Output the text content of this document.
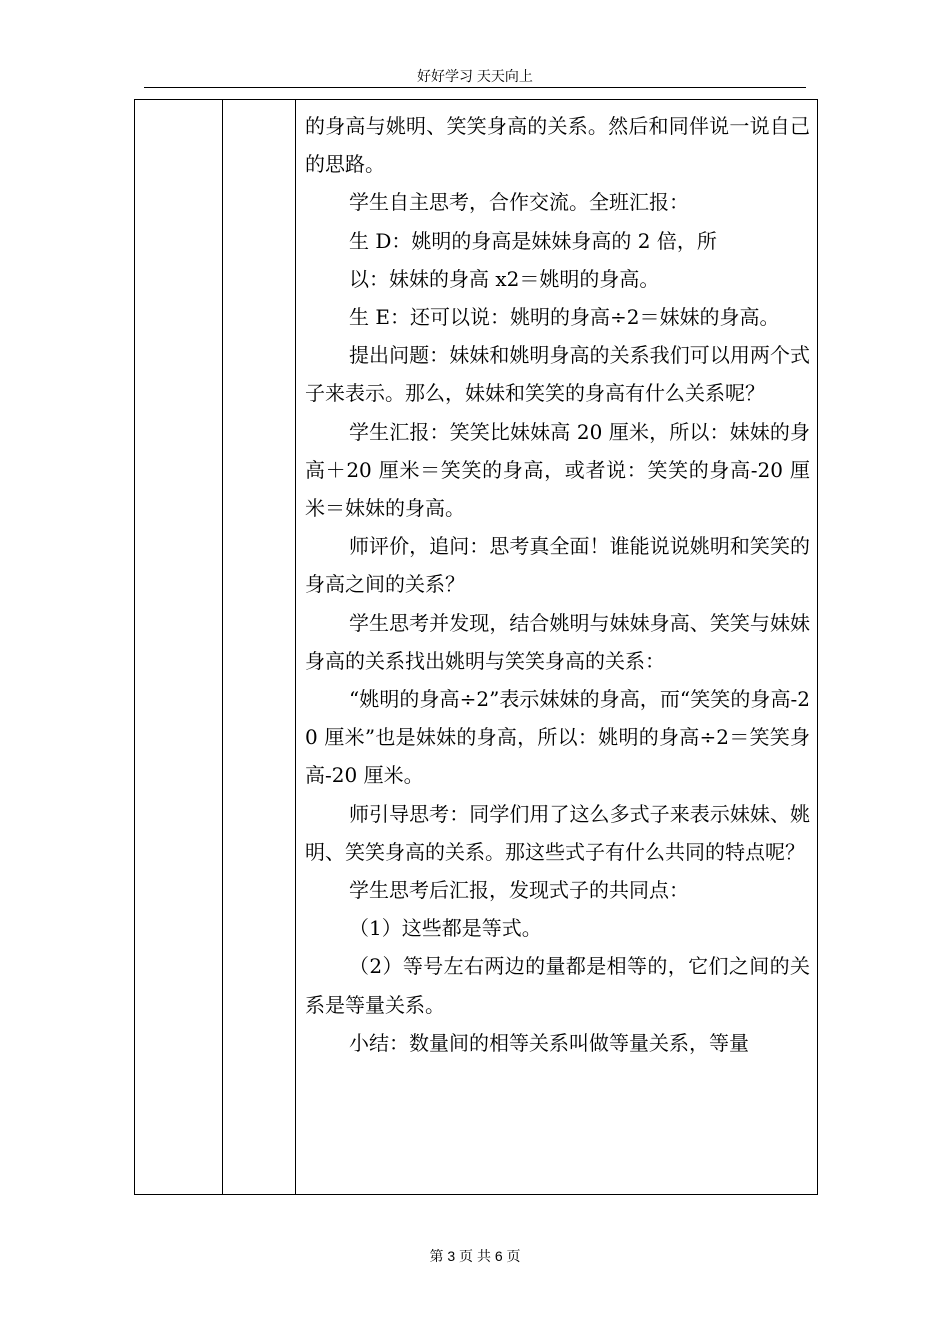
好好学习 天天向上

的身高与姚明、笑笑身高的关系。然后和同伴说一说自己的思路。

学生自主思考，合作交流。全班汇报：

生 D：姚明的身高是妹妹身高的 2 倍，所

以：妹妹的身高 x2＝姚明的身高。

生 E：还可以说：姚明的身高÷2＝妹妹的身高。

提出问题：妹妹和姚明身高的关系我们可以用两个式子来表示。那么，妹妹和笑笑的身高有什么关系呢？

学生汇报：笑笑比妹妹高 20 厘米，所以：妹妹的身高＋20 厘米＝笑笑的身高，或者说：笑笑的身高-20 厘米＝妹妹的身高。

师评价，追问：思考真全面！谁能说说姚明和笑笑的身高之间的关系？

学生思考并发现，结合姚明与妹妹身高、笑笑与妹妹身高的关系找出姚明与笑笑身高的关系：

“姚明的身高÷2”表示妹妹的身高，而“笑笑的身高-20 厘米”也是妹妹的身高，所以：姚明的身高÷2＝笑笑身高-20 厘米。

师引导思考：同学们用了这么多式子来表示妹妹、姚明、笑笑身高的关系。那这些式子有什么共同的特点呢？

学生思考后汇报，发现式子的共同点：

（1）这些都是等式。

（2）等号左右两边的量都是相等的，它们之间的关系是等量关系。

小结：数量间的相等关系叫做等量关系，等量

第 3 页 共 6 页
